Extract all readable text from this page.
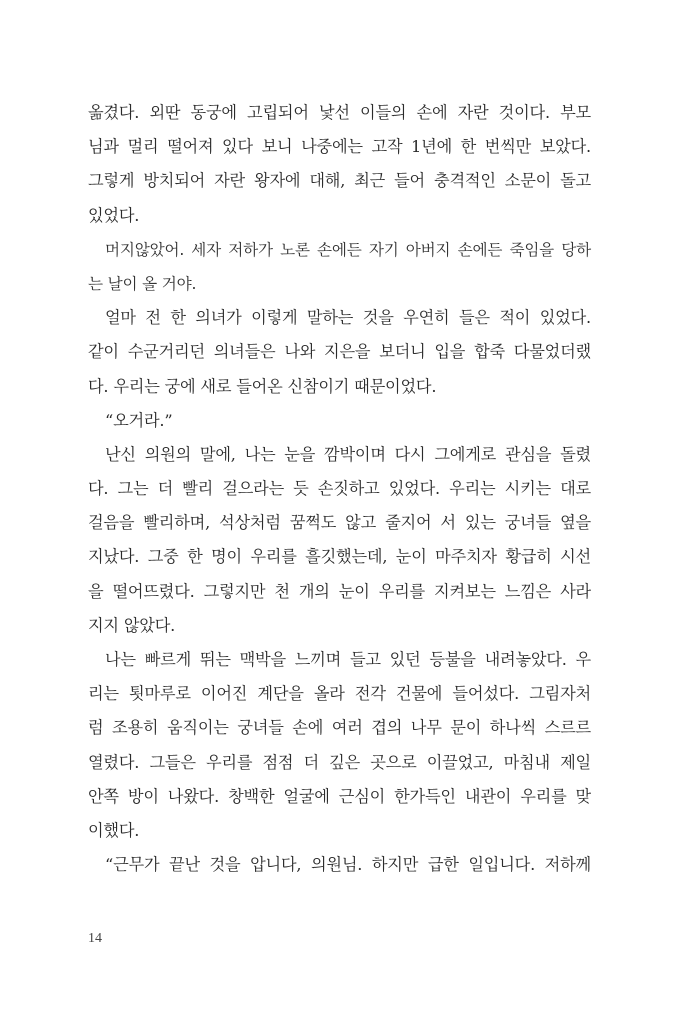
옮겼다. 외딴 동궁에 고립되어 낯선 이들의 손에 자란 것이다. 부모
님과 멀리 떨어져 있다 보니 나중에는 고작 1년에 한 번씩만 보았다.
그렇게 방치되어 자란 왕자에 대해, 최근 들어 충격적인 소문이 돌고
있었다.
머지않았어. 세자 저하가 노론 손에든 자기 아버지 손에든 죽임을 당하
는 날이 올 거야.
얼마 전 한 의녀가 이렇게 말하는 것을 우연히 들은 적이 있었다.
같이 수군거리던 의녀들은 나와 지은을 보더니 입을 합죽 다물었더랬
다. 우리는 궁에 새로 들어온 신참이기 때문이었다.
“오거라.”
난신 의원의 말에, 나는 눈을 깜박이며 다시 그에게로 관심을 돌렸
다. 그는 더 빨리 걸으라는 듯 손짓하고 있었다. 우리는 시키는 대로
걸음을 빨리하며, 석상처럼 꿈쩍도 않고 줄지어 서 있는 궁녀들 옆을
지났다. 그중 한 명이 우리를 흘깃했는데, 눈이 마주치자 황급히 시선
을 떨어뜨렸다. 그렇지만 천 개의 눈이 우리를 지켜보는 느낌은 사라
지지 않았다.
나는 빠르게 뛰는 맥박을 느끼며 들고 있던 등불을 내려놓았다. 우
리는 툇마루로 이어진 계단을 올라 전각 건물에 들어섰다. 그림자처
럼 조용히 움직이는 궁녀들 손에 여러 겹의 나무 문이 하나씩 스르르
열렸다. 그들은 우리를 점점 더 깊은 곳으로 이끌었고, 마침내 제일
안쪽 방이 나왔다. 창백한 얼굴에 근심이 한가득인 내관이 우리를 맞
이했다.
“근무가 끝난 것을 압니다, 의원님. 하지만 급한 일입니다. 저하께
14
